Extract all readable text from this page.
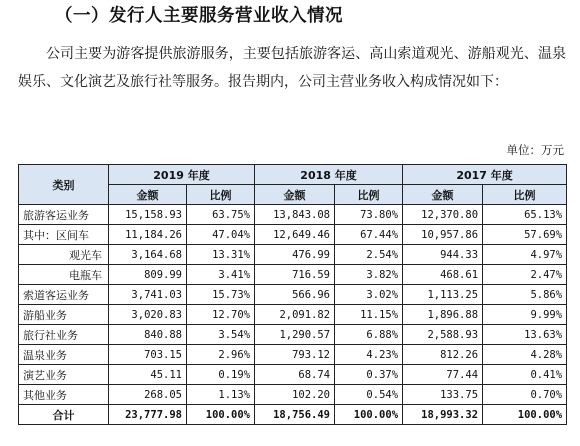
（一）发行人主要服务营业收入情况
公司主要为游客提供旅游服务，主要包括旅游客运、高山索道观光、游船观光、温泉娱乐、文化演艺及旅行社等服务。报告期内，公司主营业务收入构成情况如下：
单位：万元
类别	2019 年度		2018 年度		2017 年度	
	金额	比例	金额	比例	金额	比例
旅游客运业务	15,158.93	63.75%	13,843.08	73.80%	12,370.80	65.13%
其中：区间车	11,184.26	47.04%	12,649.46	67.44%	10,957.86	57.69%
观光车	3,164.68	13.31%	476.99	2.54%	944.33	4.97%
电瓶车	809.99	3.41%	716.59	3.82%	468.61	2.47%
索道客运业务	3,741.03	15.73%	566.96	3.02%	1,113.25	5.86%
游船业务	3,020.83	12.70%	2,091.82	11.15%	1,896.88	9.99%
旅行社业务	840.88	3.54%	1,290.57	6.88%	2,588.93	13.63%
温泉业务	703.15	2.96%	793.12	4.23%	812.26	4.28%
演艺业务	45.11	0.19%	68.74	0.37%	77.44	0.41%
其他业务	268.05	1.13%	102.20	0.54%	133.75	0.70%
合计	23,777.98	100.00%	18,756.49	100.00%	18,993.32	100.00%
